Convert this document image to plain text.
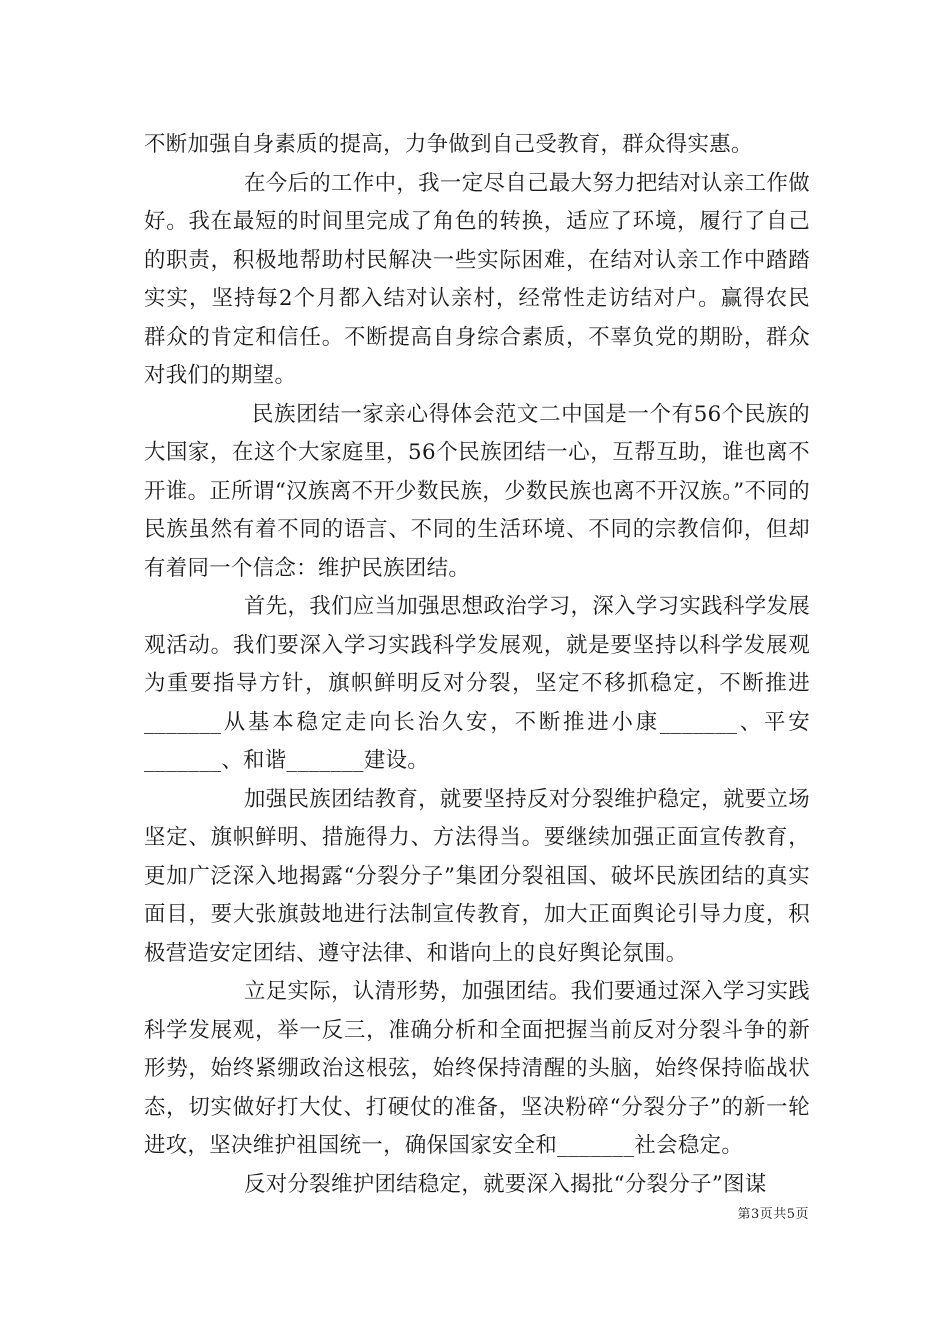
不断加强自身素质的提高，力争做到自己受教育，群众得实惠。

在今后的工作中，我一定尽自己最大努力把结对认亲工作做好。我在最短的时间里完成了角色的转换，适应了环境，履行了自己的职责，积极地帮助村民解决一些实际困难，在结对认亲工作中踏踏实实，坚持每2个月都入结对认亲村，经常性走访结对户。赢得农民群众的肯定和信任。不断提高自身综合素质，不辜负党的期盼，群众对我们的期望。

民族团结一家亲心得体会范文二中国是一个有56个民族的大国家，在这个大家庭里，56个民族团结一心，互帮互助，谁也离不开谁。正所谓“汉族离不开少数民族，少数民族也离不开汉族。”不同的民族虽然有着不同的语言、不同的生活环境、不同的宗教信仰，但却有着同一个信念：维护民族团结。

首先，我们应当加强思想政治学习，深入学习实践科学发展观活动。我们要深入学习实践科学发展观，就是要坚持以科学发展观为重要指导方针，旗帜鲜明反对分裂，坚定不移抓稳定，不断推进_______从基本稳定走向长治久安，不断推进小康_______、平安_______、和谐_______建设。

加强民族团结教育，就要坚持反对分裂维护稳定，就要立场坚定、旗帜鲜明、措施得力、方法得当。要继续加强正面宣传教育，更加广泛深入地揭露“分裂分子”集团分裂祖国、破坏民族团结的真实面目，要大张旗鼓地进行法制宣传教育，加大正面舆论引导力度，积极营造安定团结、遵守法律、和谐向上的良好舆论氛围。

立足实际，认清形势，加强团结。我们要通过深入学习实践科学发展观，举一反三，准确分析和全面把握当前反对分裂斗争的新形势，始终紧绷政治这根弦，始终保持清醒的头脑，始终保持临战状态，切实做好打大仗、打硬仗的准备，坚决粉碎“分裂分子”的新一轮进攻，坚决维护祖国统一，确保国家安全和_______社会稳定。

反对分裂维护团结稳定，就要深入揭批“分裂分子”图谋

第3页共5页
